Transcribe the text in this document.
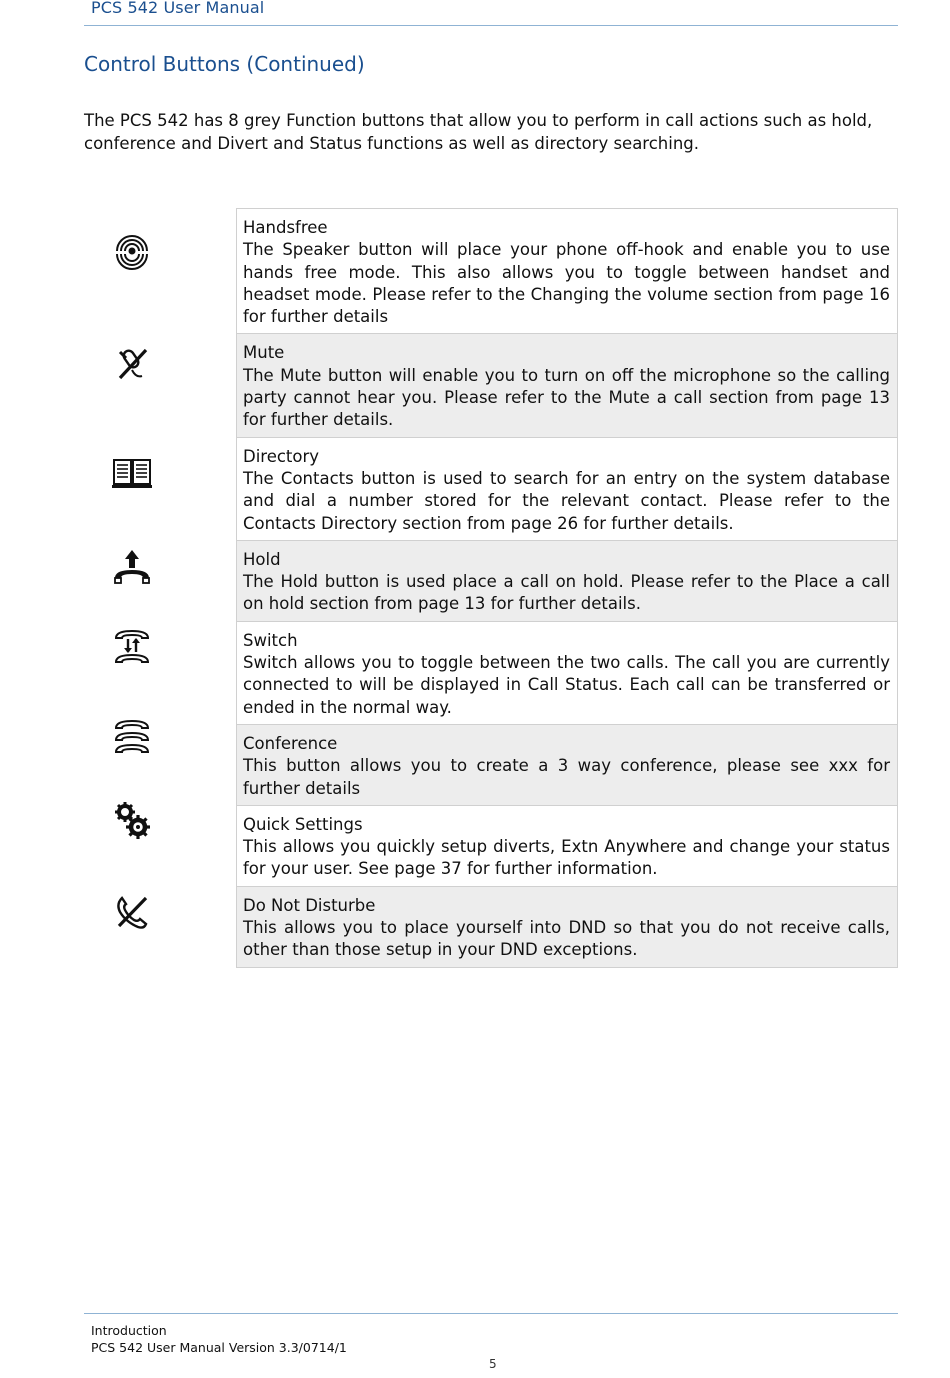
PCS 542 User Manual
Control Buttons (Continued)

The PCS 542 has 8 grey Function buttons that allow you to perform in call actions such as hold, conference and Divert and Status functions as well as directory searching.

Handsfree
The Speaker button will place your phone off-hook and enable you to use hands free mode. This also allows you to toggle between handset and headset mode. Please refer to the Changing the volume section from page 16 for further details
Mute
The Mute button will enable you to turn on off the microphone so the calling party cannot hear you. Please refer to the Mute a call section from page 13 for further details.
Directory
The Contacts button is used to search for an entry on the system database and dial a number stored for the relevant contact. Please refer to the Contacts Directory section from page 26 for further details.
Hold
The Hold button is used place a call on hold. Please refer to the Place a call on hold section from page 13 for further details.
Switch
Switch allows you to toggle between the two calls. The call you are currently connected to will be displayed in Call Status. Each call can be transferred or ended in the normal way.
Conference
This button allows you to create a 3 way conference, please see xxx for further details
Quick Settings
This allows you quickly setup diverts, Extn Anywhere and change your status for your user. See page 37 for further information.
Do Not Disturbe
This allows you to place yourself into DND so that you do not receive calls, other than those setup in your DND exceptions.
Introduction
PCS 542 User Manual Version 3.3/0714/1
5
